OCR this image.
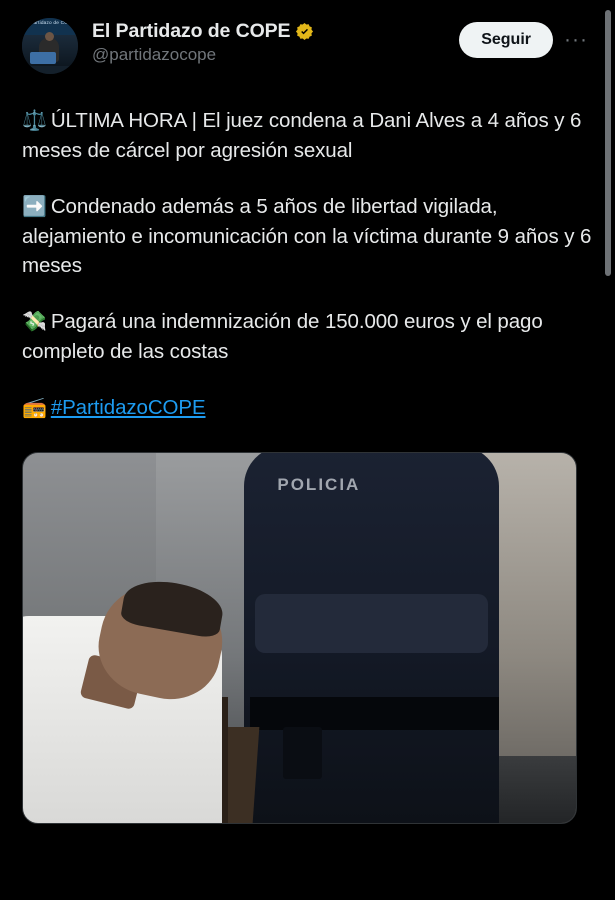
El Partidazo de CO El Partidazo de COPE
@partidazocope
Seguir	···

⚖️ ÚLTIMA HORA | El juez condena a Dani Alves a 4 años y 6 meses de cárcel por agresión sexual

➡️ Condenado además a 5 años de libertad vigilada, alejamiento e incomunicación con la víctima durante 9 años y 6 meses

💸 Pagará una indemnización de 150.000 euros y el pago completo de las costas

📻 #PartidazoCOPE

POLICIA
